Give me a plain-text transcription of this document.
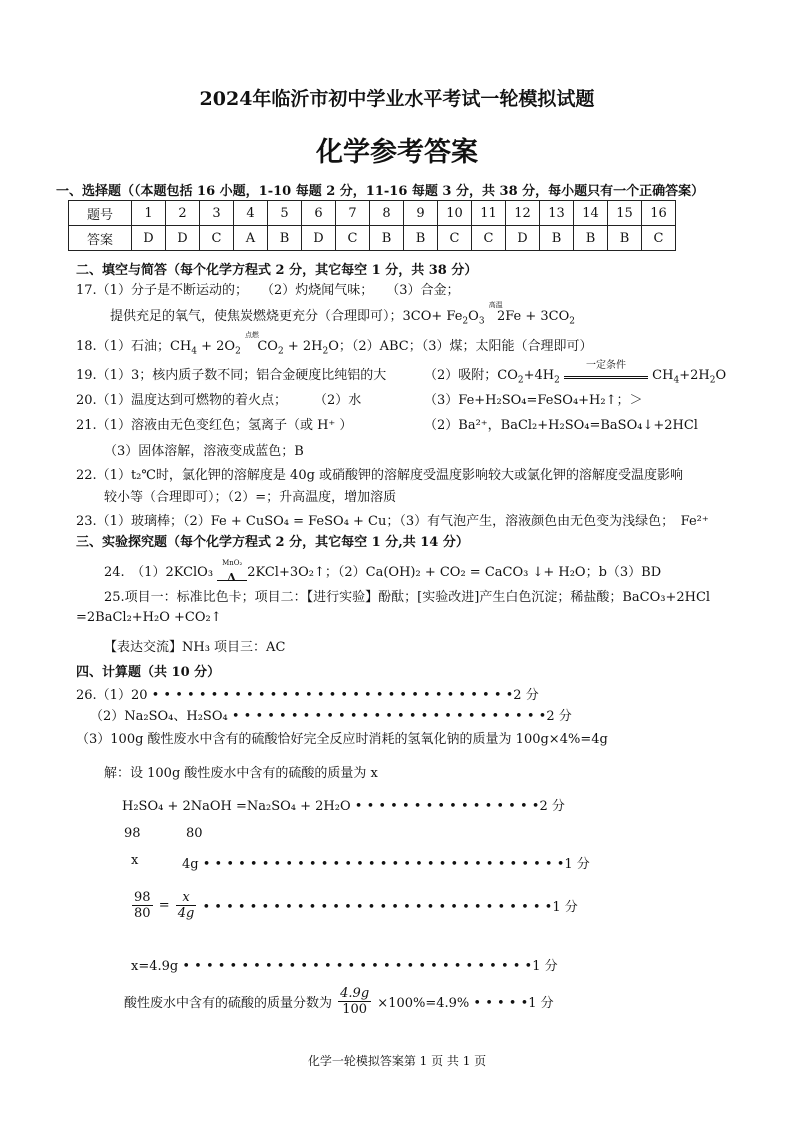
2024年临沂市初中学业水平考试一轮模拟试题
化学参考答案
一、选择题（（本题包括 16 小题，1-10 每题 2 分，11-16 每题 3 分，共 38 分，每小题只有一个正确答案）
题号	1	2	3	4	5	6	7	8	9	10	11	12	13	14	15	16
答案	D	D	C	A	B	D	C	B	B	C	C	D	B	B	B	C
二、填空与简答（每个化学方程式 2 分，其它每空 1 分，共 38 分）
17.（1）分子是不断运动的；　　（2）灼烧闻气味；　　（3）合金；
提供充足的氧气，使焦炭燃烧更充分（合理即可）；$3CO+ Fe_2O_3$
高温
$2Fe + 3CO_2$
18.（1）石油；$CH_4 + 2O_2$
点燃
$CO_2 + 2H_2O$；（2）ABC；（3）煤；太阳能（合理即可）
19.（1）3；核内质子数不同；铝合金硬度比纯铝的大	（2）吸附；$CO_2+4H_2$
一定条件
$CH_4+2H_2O$
20.（1）温度达到可燃物的着火点； （2）水	（3）Fe+H₂SO₄=FeSO₄+H₂↑；＞
21.（1）溶液由无色变红色；氢离子（或 H⁺ ）	（2）Ba²⁺，BaCl₂+H₂SO₄=BaSO₄↓+2HCl
（3）固体溶解，溶液变成蓝色；B
22.（1）t₂℃时，氯化钾的溶解度是 40g 或硝酸钾的溶解度受温度影响较大或氯化钾的溶解度受温度影响
较小等（合理即可）；（2）=；升高温度，增加溶质
23.（1）玻璃棒；（2）Fe + CuSO₄ = FeSO₄ + Cu；（3）有气泡产生，溶液颜色由无色变为浅绿色；　Fe²⁺
三、实验探究题（每个化学方程式 2 分，其它每空 1 分,共 14 分）
24.　（1）2KClO₃
MnO₂
Δ 2KCl+3O₂↑；（2）Ca(OH)₂ + CO₂ = CaCO₃ ↓+ H₂O；b（3）BD
25.项目一：标准比色卡；项目二：【进行实验】酚酞；[实验改进]产生白色沉淀；稀盐酸；BaCO₃+2HCl
=2BaCl₂+H₂O +CO₂↑
【表达交流】NH₃ 项目三：AC
四、计算题（共 10 分）
26.（1）20 • • • • • • • • • • • • • • • • • • • • • • • • • • • • • • •2 分
（2）Na₂SO₄、H₂SO₄ • • • • • • • • • • • • • • • • • • • • • • • • • • •2 分
（3）100g 酸性废水中含有的硫酸恰好完全反应时消耗的氢氧化钠的质量为 100g×4%=4g
解：设 100g 酸性废水中含有的硫酸的质量为 x
H₂SO₄ + 2NaOH =Na₂SO₄ + 2H₂O • • • • • • • • • • • • • • • •2 分
98	80
x	4g • • • • • • • • • • • • • • • • • • • • • • • • • • • • • • •1 分
$\frac{98}{80} = \frac{x}{4g}$ • • • • • • • • • • • • • • • • • • • • • • • • • • • • • •1 分
x=4.9g • • • • • • • • • • • • • • • • • • • • • • • • • • • • • •1 分
酸性废水中含有的硫酸的质量分数为 $\frac{4.9g}{100} \times 100\%=4.9\%$ • • • • •1 分
化学一轮模拟答案第 1 页 共 1 页
